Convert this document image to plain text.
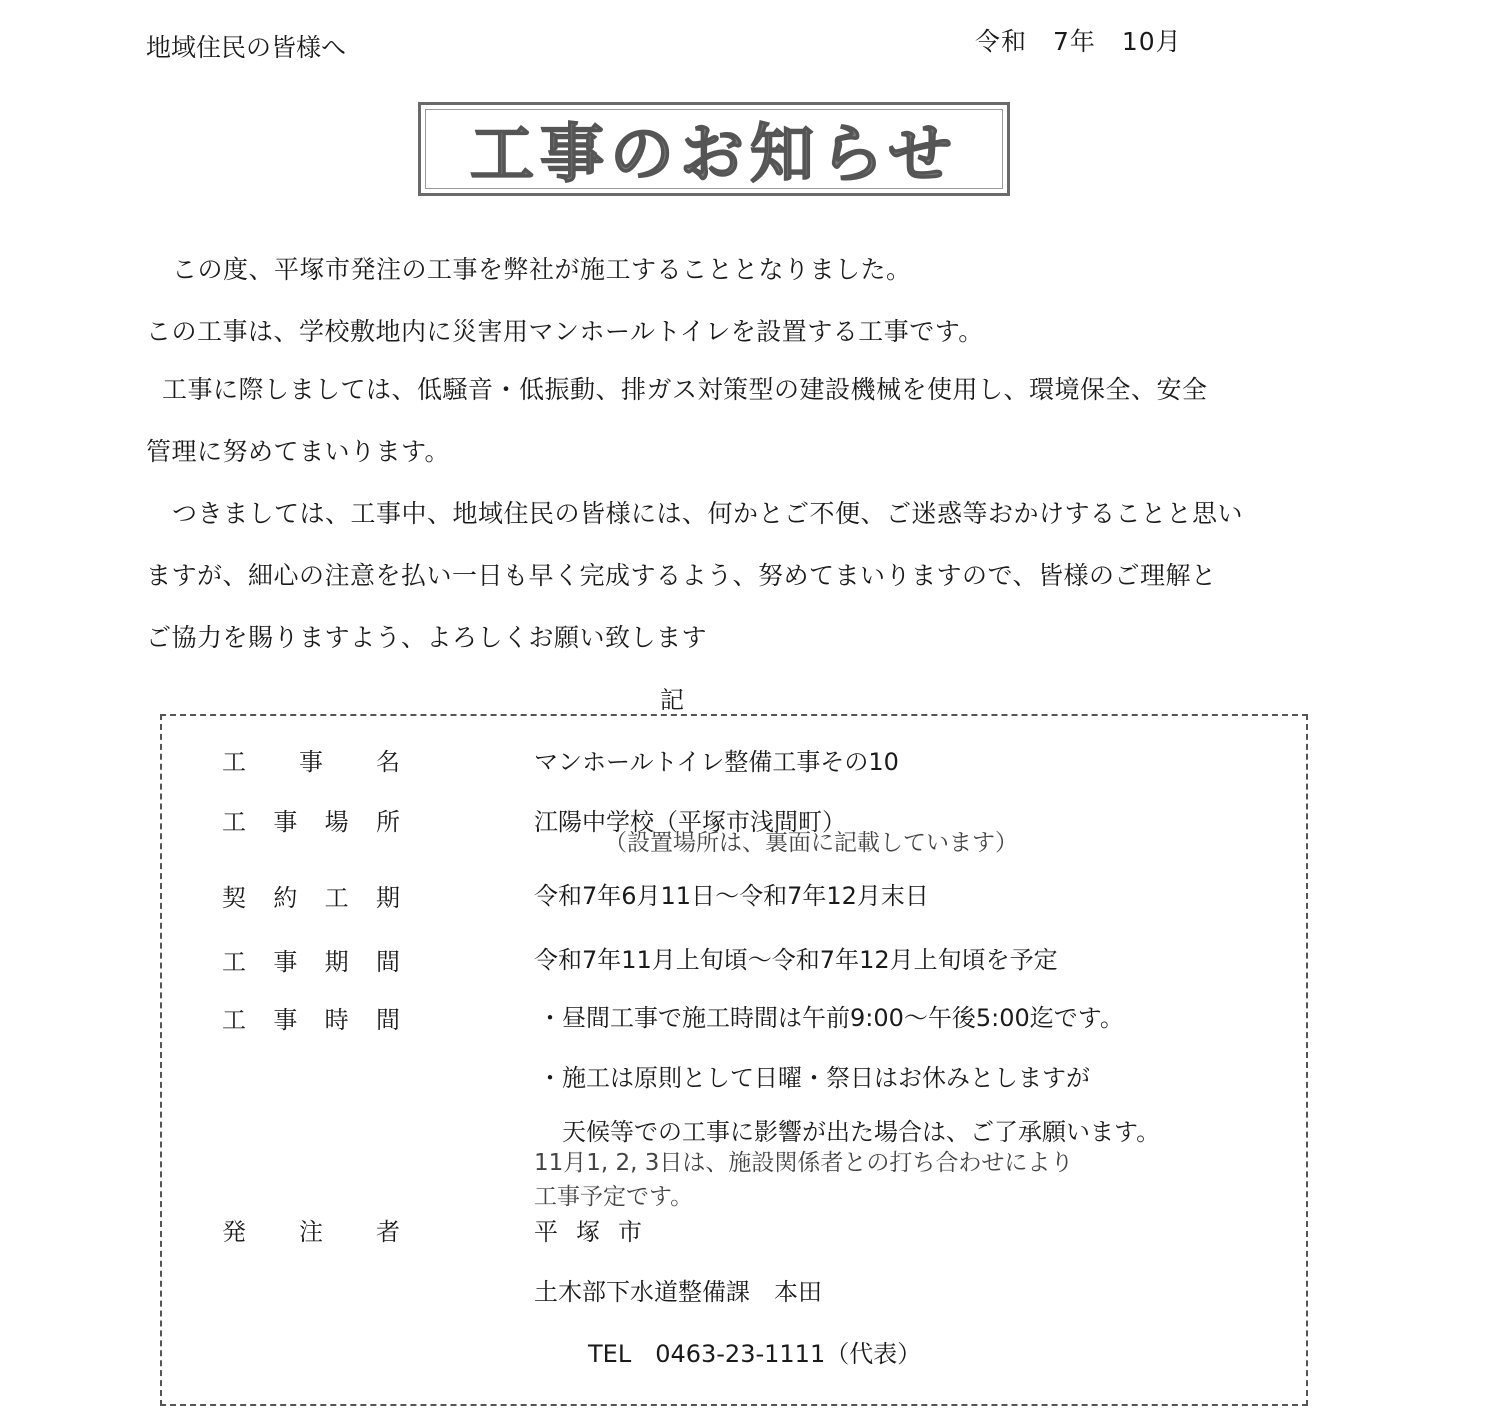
地域住民の皆様へ	令和　7年　10月
工事のお知らせ
この度、平塚市発注の工事を弊社が施工することとなりました。
この工事は、学校敷地内に災害用マンホールトイレを設置する工事です。
工事に際しましては、低騒音・低振動、排ガス対策型の建設機械を使用し、環境保全、安全
管理に努めてまいります。
つきましては、工事中、地域住民の皆様には、何かとご不便、ご迷惑等おかけすることと思い
ますが、細心の注意を払い一日も早く完成するよう、努めてまいりますので、皆様のご理解と
ご協力を賜りますよう、よろしくお願い致します
記
工 事 名	マンホールトイレ整備工事その10
工 事 場 所	江陽中学校（平塚市浅間町）
（設置場所は、裏面に記載しています）
契 約 工 期	令和7年6月11日～令和7年12月末日
工 事 期 間	令和7年11月上旬頃～令和7年12月上旬頃を予定
工 事 時 間	・昼間工事で施工時間は午前9:00～午後5:00迄です。
・施工は原則として日曜・祭日はお休みとしますが
天候等での工事に影響が出た場合は、ご了承願います。
11月1, 2, 3日は、施設関係者との打ち合わせにより
工事予定です。
発 注 者	平塚市
土木部下水道整備課　本田
TEL　0463-23-1111（代表）
